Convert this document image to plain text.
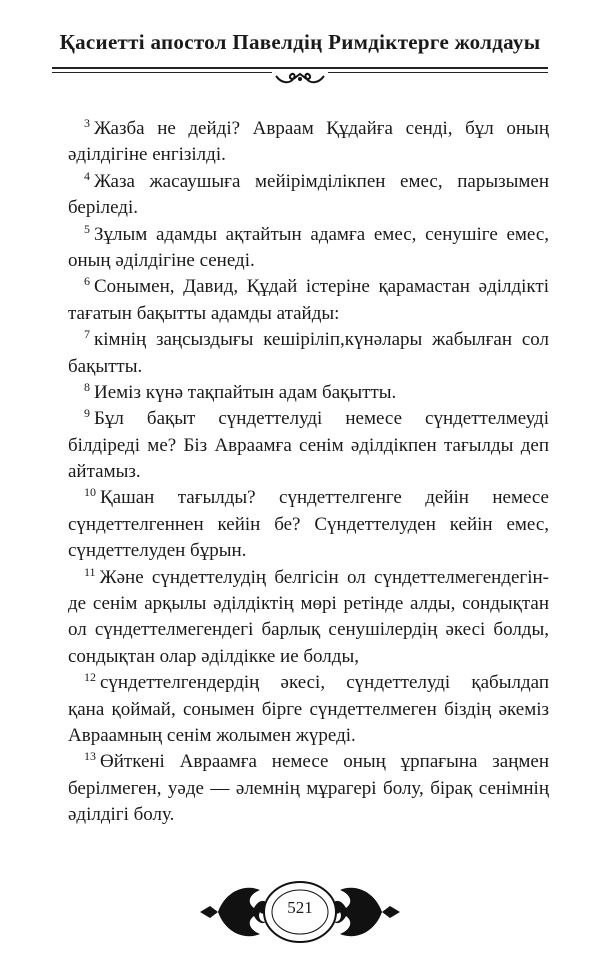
Қасиетті апостол Павелдің Римдіктерге жолдауы
$^3$ Жазба не дейді? Авраам Құдайға сенді, бұл оның
әділдігіне енгізілді.
$^4$ Жаза жасаушыға мейірімділікпен емес, парызымен
беріледі.
$^5$ Зұлым адамды ақтайтын адамға емес, сенушіге емес,
оның әділдігіне сенеді.
$^6$ Сонымен, Давид, Құдай істеріне қарамастан әділдікті
тағатын бақытты адамды атайды:
$^7$ кімнің заңсыздығы кешіріліп,күнәлары жабылған сол
бақытты.
$^8$ Иеміз күнә тақпайтын адам бақытты.
$^9$ Бұл бақыт сүндеттелуді немесе сүндеттелмеуді
білдіреді ме? Біз Авраамға сенім әділдікпен тағылды деп
айтамыз.
$^{10}$ Қашан тағылды? сүндеттелгенге дейін немесе
сүндеттелгеннен кейін бе? Сүндеттелуден кейін емес,
сүндеттелуден бұрын.
$^{11}$ Және сүндеттелудің белгісін ол сүндеттелмегендегін-
де сенім арқылы әділдіктің мөрі ретінде алды, сондықтан
ол сүндеттелмегендегі барлық сенушілердің әкесі болды,
сондықтан олар әділдікке ие болды,
$^{12}$ сүндеттелгендердің әкесі, сүндеттелуді қабылдап
қана қоймай, сонымен бірге сүндеттелмеген біздің әкеміз
Авраамның сенім жолымен жүреді.
$^{13}$ Өйткені Авраамға немесе оның ұрпағына заңмен
берілмеген, уәде — әлемнің мұрагері болу, бірақ сенімнің
әділдігі болу.
521
